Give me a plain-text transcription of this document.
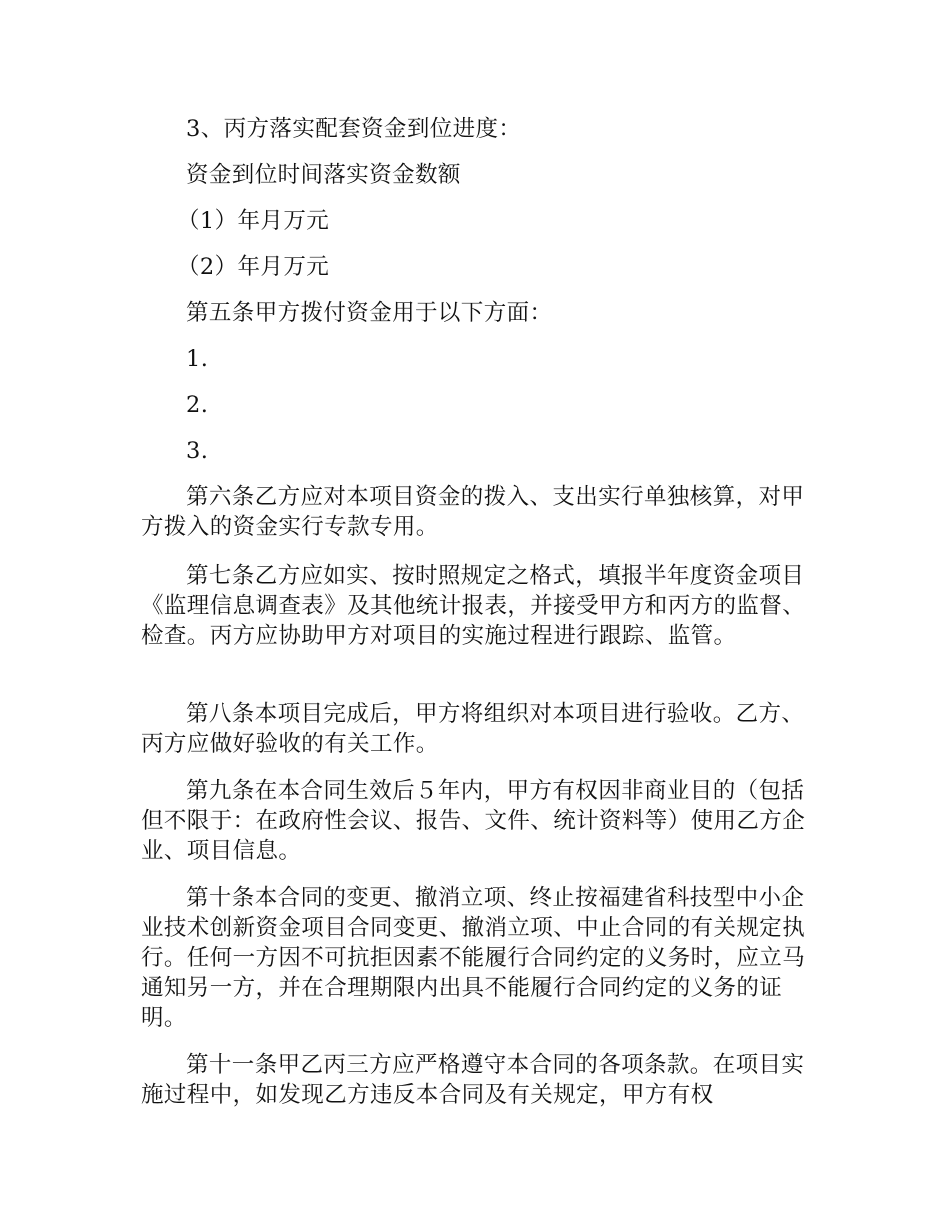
3、丙方落实配套资金到位进度：

资金到位时间落实资金数额

（1）年月万元

（2）年月万元

第五条甲方拨付资金用于以下方面：

1.

2.

3.

第六条乙方应对本项目资金的拨入、支出实行单独核算，对甲方拨入的资金实行专款专用。

第七条乙方应如实、按时照规定之格式，填报半年度资金项目《监理信息调查表》及其他统计报表，并接受甲方和丙方的监督、检查。丙方应协助甲方对项目的实施过程进行跟踪、监管。

第八条本项目完成后，甲方将组织对本项目进行验收。乙方、丙方应做好验收的有关工作。

第九条在本合同生效后５年内，甲方有权因非商业目的（包括但不限于：在政府性会议、报告、文件、统计资料等）使用乙方企业、项目信息。

第十条本合同的变更、撤消立项、终止按福建省科技型中小企业技术创新资金项目合同变更、撤消立项、中止合同的有关规定执行。任何一方因不可抗拒因素不能履行合同约定的义务时，应立马通知另一方，并在合理期限内出具不能履行合同约定的义务的证明。

第十一条甲乙丙三方应严格遵守本合同的各项条款。在项目实施过程中，如发现乙方违反本合同及有关规定，甲方有权
